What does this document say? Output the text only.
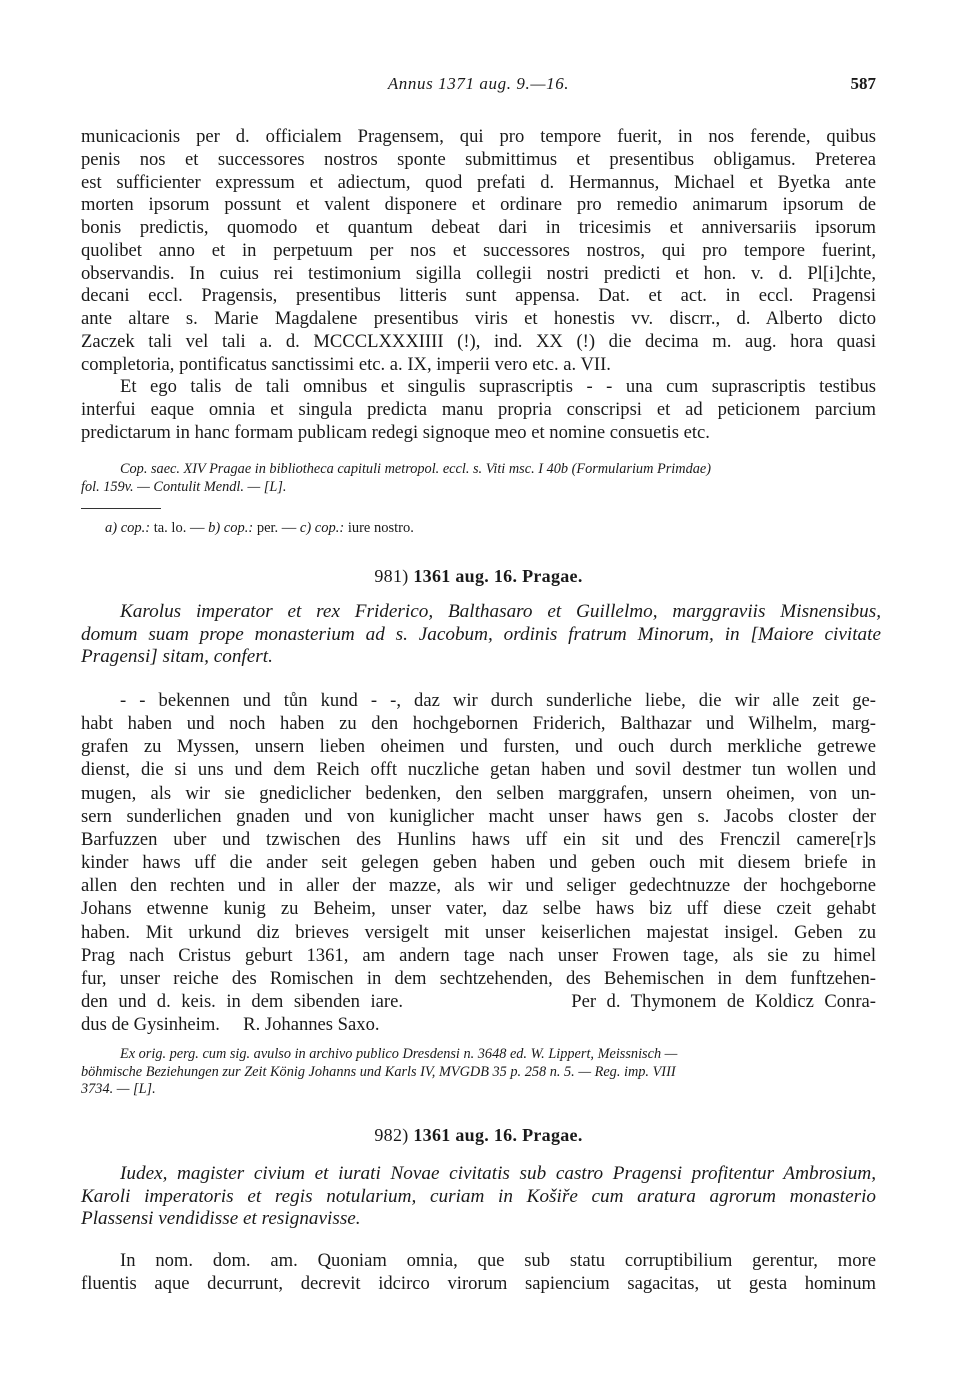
Annus 1371 aug. 9.—16.	587

municacionis per d. officialem Pragensem, qui pro tempore fuerit, in nos ferende, quibus
penis nos et successores nostros sponte submittimus et presentibus obligamus. Preterea
est sufficienter expressum et adiectum, quod prefati d. Hermannus, Michael et Byetka ante
morten ipsorum possunt et valent disponere et ordinare pro remedio animarum ipsorum de
bonis predictis, quomodo et quantum debeat dari in tricesimis et anniversariis ipsorum
quolibet anno et in perpetuum per nos et successores nostros, qui pro tempore fuerint,
observandis. In cuius rei testimonium sigilla collegii nostri predicti et hon. v. d. Pl[i]chte,
decani eccl. Pragensis, presentibus litteris sunt appensa. Dat. et act. in eccl. Pragensi
ante altare s. Marie Magdalene presentibus viris et honestis vv. discrr., d. Alberto dicto
Zaczek tali vel tali a. d. MCCCLXXXIIII (!), ind. XX (!) die decima m. aug. hora quasi
completoria, pontificatus sanctissimi etc. a. IX, imperii vero etc. a. VII.

Et ego talis de tali omnibus et singulis suprascriptis - - una cum suprascriptis testibus
interfui eaque omnia et singula predicta manu propria conscripsi et ad peticionem parcium
predictarum in hanc formam publicam redegi signoque meo et nomine consuetis etc.

Cop. saec. XIV Pragae in bibliotheca capituli metropol. eccl. s. Viti msc. I 40b (Formularium Primdae)
fol. 159v. — Contulit Mendl. — [L].

a) cop.: ta. lo. — b) cop.: per. — c) cop.: iure nostro.

981) 1361 aug. 16. Pragae.

Karolus imperator et rex Friderico, Balthasaro et Guillelmo, marggraviis Misnensibus,
domum suam prope monasterium ad s. Jacobum, ordinis fratrum Minorum, in [Maiore civitate
Pragensi] sitam, confert.

- - bekennen und tůn kund - -, daz wir durch sunderliche liebe, die wir alle zeit ge-
habt haben und noch haben zu den hochgebornen Friderich, Balthazar und Wilhelm, marg-
grafen zu Myssen, unsern lieben oheimen und fursten, und ouch durch merkliche getrewe
dienst, die si uns und dem Reich offt nuczliche getan haben und sovil destmer tun wollen und
mugen, als wir sie gnediclicher bedenken, den selben marggrafen, unsern oheimen, von un-
sern sunderlichen gnaden und von kuniglicher macht unser haws gen s. Jacobs closter der
Barfuzzen uber und tzwischen des Hunlins haws uff ein sit und des Frenczil camere[r]s
kinder haws uff die ander seit gelegen geben haben und geben ouch mit diesem briefe in
allen den rechten und in aller der mazze, als wir und seliger gedechtnuzze der hochgeborne
Johans etwenne kunig zu Beheim, unser vater, daz selbe haws biz uff diese czeit gehabt
haben. Mit urkund diz brieves versigelt mit unser keiserlichen majestat insigel. Geben zu
Prag nach Cristus geburt 1361, am andern tage nach unser Frowen tage, als sie zu himel
fur, unser reiche des Romischen in dem sechtzehenden, des Behemischen in dem funftzehen-
den und d. keis. in dem sibenden iare.                Per d. Thymonem de Koldicz Conra-
dus de Gysinheim.     R. Johannes Saxo.

Ex orig. perg. cum sig. avulso in archivo publico Dresdensi n. 3648 ed. W. Lippert, Meissnisch —
böhmische Beziehungen zur Zeit König Johanns und Karls IV, MVGDB 35 p. 258 n. 5. — Reg. imp. VIII
3734. — [L].

982) 1361 aug. 16. Pragae.

Iudex, magister civium et iurati Novae civitatis sub castro Pragensi profitentur Ambrosium,
Karoli imperatoris et regis notularium, curiam in Košiře cum aratura agrorum monasterio
Plassensi vendidisse et resignavisse.

In nom. dom. am. Quoniam omnia, que sub statu corruptibilium gerentur, more
fluentis aque decurrunt, decrevit idcirco virorum sapiencium sagacitas, ut gesta hominum
